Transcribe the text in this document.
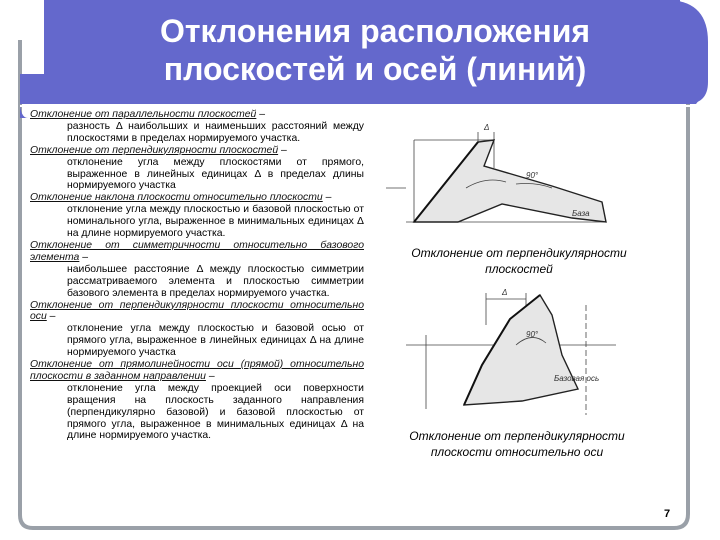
Отклонения расположения
плоскостей и осей (линий)

Отклонение от параллельности плоскостей –
разность Δ наибольших и наименьших расстояний между плоскостями в пределах нормируемого участка.

Отклонение от перпендикулярности плоскостей –
отклонение угла между плоскостями от прямого, выраженное в линейных единицах Δ в пределах длины нормируемого участка

Отклонение наклона плоскости относительно плоскости –
отклонение угла между плоскостью и базовой плоскостью от номинального угла, выраженное в минимальных единицах Δ на длине нормируемого участка.

Отклонение от симметричности относительно базового элемента –
наибольшее расстояние Δ между плоскостью симметрии рассматриваемого элемента и плоскостью симметрии базового элемента в пределах нормируемого участка.

Отклонение от перпендикулярности плоскости относительно оси –
отклонение угла между плоскостью и базовой осью от прямого угла, выраженное в линейных единицах Δ на длине нормируемого участка

Отклонение от прямолинейности оси (прямой) относительно плоскости в заданном направлении –
отклонение угла между проекцией оси поверхности вращения на плоскость заданного направления (перпендикулярно базовой) и базовой плоскостью от прямого угла, выраженное в минимальных единицах Δ на длине нормируемого участка.

Δ
90°
База
Отклонение от перпендикулярности плоскостей
Δ
90°
Базовая ось
Отклонение от перпендикулярности плоскости относительно оси
7
